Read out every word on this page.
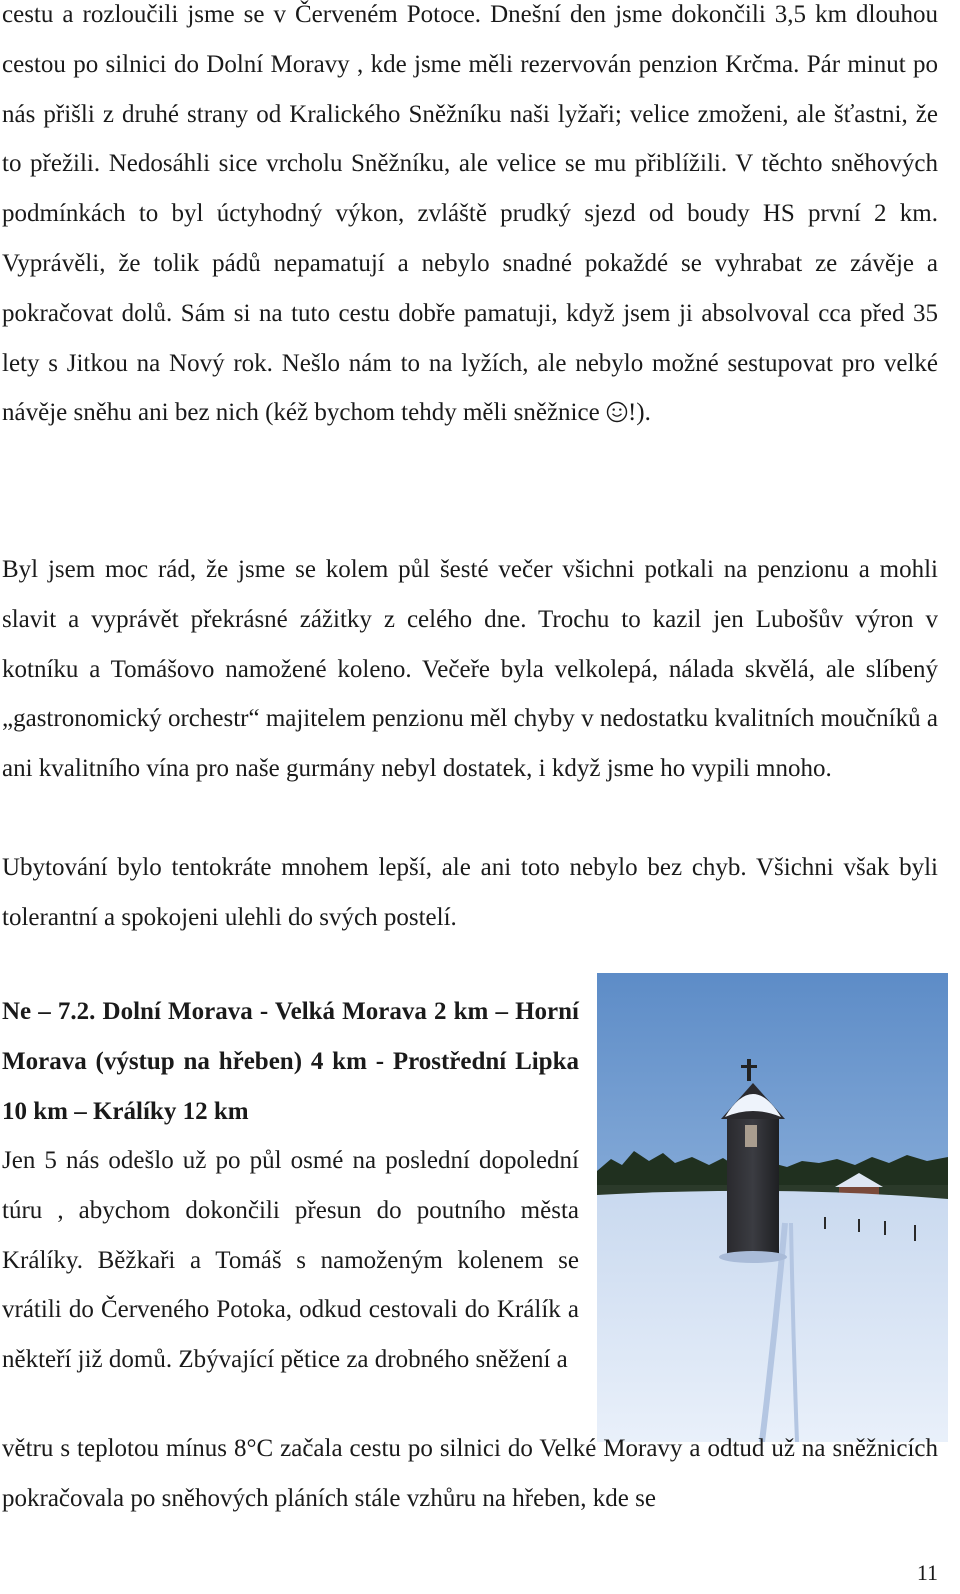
cestu a rozloučili jsme se v Červeném Potoce. Dnešní den jsme dokončili 3,5 km dlouhou cestou po silnici do Dolní Moravy , kde jsme měli rezervován penzion Krčma. Pár minut po nás přišli z druhé strany od Kralického Sněžníku naši lyžaři; velice zmoženi, ale šťastni, že to přežili. Nedosáhli sice vrcholu Sněžníku, ale velice se mu přiblížili. V těchto sněhových podmínkách to byl úctyhodný výkon, zvláště prudký sjezd od boudy HS první 2 km. Vyprávěli, že tolik pádů nepamatují a nebylo snadné pokaždé se vyhrabat ze závěje a pokračovat dolů. Sám si na tuto cestu dobře pamatuji, když jsem ji absolvoval cca před 35 lety s Jitkou na Nový rok. Nešlo nám to na lyžích, ale nebylo možné sestupovat pro velké návěje sněhu ani bez nich (kéž bychom tehdy měli sněžnice !).

Byl jsem moc rád, že jsme se kolem půl šesté večer všichni potkali na penzionu a mohli slavit a vyprávět překrásné zážitky z celého dne. Trochu to kazil jen Lubošův výron v kotníku a Tomášovo namožené koleno. Večeře byla velkolepá, nálada skvělá, ale slíbený „gastronomický orchestr“ majitelem penzionu měl chyby v nedostatku kvalitních moučníků a ani kvalitního vína pro naše gurmány nebyl dostatek, i když jsme ho vypili mnoho.

Ubytování bylo tentokráte mnohem lepší, ale ani toto nebylo bez chyb. Všichni však byli tolerantní a spokojeni ulehli do svých postelí.

Ne – 7.2. Dolní Morava - Velká Morava 2 km – Horní Morava (výstup na hřeben) 4 km - Prostřední Lipka 10 km – Králíky 12 km

Jen 5 nás odešlo už po půl osmé na poslední dopolední túru , abychom dokončili přesun do poutního města Králíky. Běžkaři a Tomáš s namoženým kolenem se vrátili do Červeného Potoka, odkud cestovali do Králík a někteří již domů. Zbývající pětice za drobného sněžení a

větru s teplotou mínus 8°C začala cestu po silnici do Velké Moravy a odtud už na sněžnicích pokračovala po sněhových pláních stále vzhůru na hřeben, kde se

11
